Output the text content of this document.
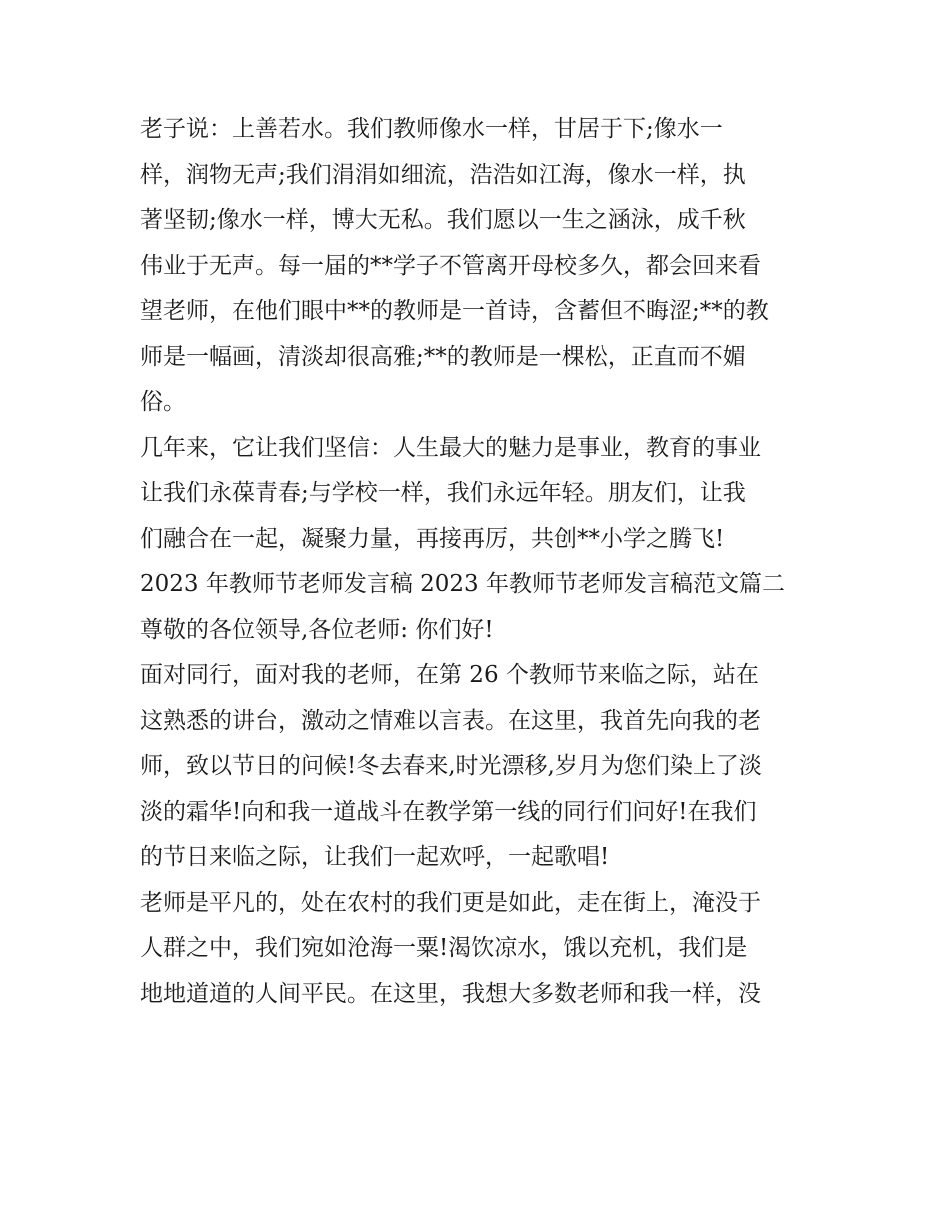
老子说：上善若水。我们教师像水一样，甘居于下;像水一
样，润物无声;我们涓涓如细流，浩浩如江海，像水一样，执
著坚韧;像水一样，博大无私。我们愿以一生之涵泳，成千秋
伟业于无声。每一届的**学子不管离开母校多久，都会回来看
望老师，在他们眼中**的教师是一首诗，含蓄但不晦涩;**的教
师是一幅画，清淡却很高雅;**的教师是一棵松，正直而不媚
俗。
几年来，它让我们坚信：人生最大的魅力是事业，教育的事业
让我们永葆青春;与学校一样，我们永远年轻。朋友们，让我
们融合在一起，凝聚力量，再接再厉，共创**小学之腾飞!
2023 年教师节老师发言稿 2023 年教师节老师发言稿范文篇二
尊敬的各位领导,各位老师: 你们好!
面对同行，面对我的老师，在第 26 个教师节来临之际，站在
这熟悉的讲台，激动之情难以言表。在这里，我首先向我的老
师，致以节日的问候!冬去春来,时光漂移,岁月为您们染上了淡
淡的霜华!向和我一道战斗在教学第一线的同行们问好!在我们
的节日来临之际，让我们一起欢呼，一起歌唱!
老师是平凡的，处在农村的我们更是如此，走在街上，淹没于
人群之中，我们宛如沧海一粟!渴饮凉水，饿以充机，我们是
地地道道的人间平民。在这里，我想大多数老师和我一样，没
